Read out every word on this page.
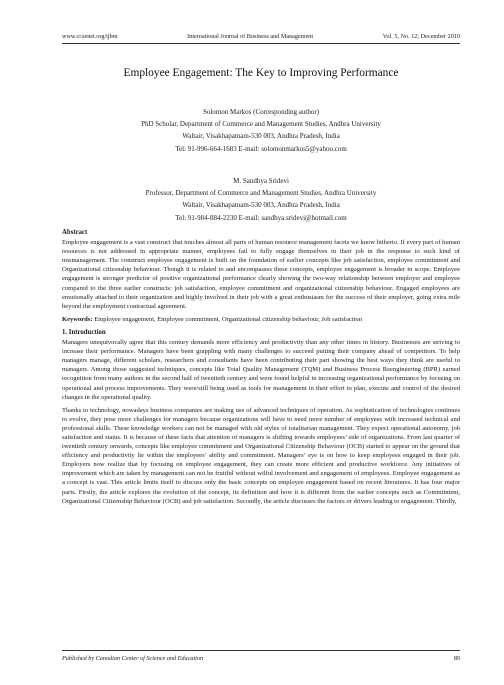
www.ccsenet.org/ijbm	International Journal of Business and Management	Vol. 5, No. 12; December 2010
Employee Engagement: The Key to Improving Performance
Solomon Markos (Corresponding author)
PhD Scholar, Department of Commerce and Management Studies, Andhra University
Waltair, Visakhapatnam-530 003, Andhra Pradesh, India
Tel: 91-996-664-1683 E-mail: solomonmarkos5@yahoo.com
M. Sandhya Sridevi
Professor, Department of Commerce and Management Studies, Andhra University
Waltair, Visakhapatnam-530 003, Andhra Pradesh, India
Tel: 91-984-884-2230 E-mail: sandhya.sridevi@hotmail.com

Abstract

Employee engagement is a vast construct that touches almost all parts of human resource management facets we know hitherto. If every part of human resources is not addressed in appropriate manner, employees fail to fully engage themselves in their job in the response to such kind of mismanagement. The construct employee engagement is built on the foundation of earlier concepts like job satisfaction, employee commitment and Organizational citizenship behaviour. Though it is related to and encompasses these concepts, employee engagement is broader in scope. Employee engagement is stronger predictor of positive organizational performance clearly showing the two-way relationship between employer and employee compared to the three earlier constructs: job satisfaction, employee commitment and organizational citizenship behaviour. Engaged employees are emotionally attached to their organization and highly involved in their job with a great enthusiasm for the success of their employer, going extra mile beyond the employment contractual agreement.

Keywords: Employee engagement, Employee commitment, Organizational citizenship behaviour, Job satisfaction

1. Introduction

Managers unequivocally agree that this century demands more efficiency and productivity than any other times in history. Businesses are striving to increase their performance. Managers have been grappling with many challenges to succeed putting their company ahead of competitors. To help managers manage, different scholars, researchers and consultants have been contributing their part showing the best ways they think are useful to managers. Among those suggested techniques, concepts like Total Quality Management (TQM) and Business Process Reengineering (BPR) earned recognition from many authors in the second half of twentieth century and were found helpful in increasing organizational performance by focusing on operational and process improvements. They were/still being used as tools for management in their effort to plan, execute and control of the desired changes in the operational quality.

Thanks to technology, nowadays business companies are making use of advanced techniques of operation. As sophistication of technologies continues to evolve, they pose more challenges for managers because organizations will have to need more number of employees with increased technical and professional skills. These knowledge workers can not be managed with old styles of totalitarian management. They expect operational autonomy, job satisfaction and status. It is because of these facts that attention of managers is shifting towards employees’ side of organizations. From last quarter of twentieth century onwards, concepts like employee commitment and Organizational Citizenship Behaviour (OCB) started to appear on the ground that efficiency and productivity lie within the employees’ ability and commitment. Managers’ eye is on how to keep employees engaged in their job. Employers now realize that by focusing on employee engagement, they can create more efficient and productive workforce. Any initiatives of improvement which are taken by management can not be fruitful without wilful involvement and engagement of employees. Employee engagement as a concept is vast. This article limits itself to discuss only the basic concepts on employee engagement based on recent literatures. It has four major parts. Firstly, the article explores the evolution of the concept, its definition and how it is different from the earlier concepts such as Commitment, Organizational Citizenship Behaviour (OCB) and job satisfaction. Secondly, the article discusses the factors or drivers leading to engagement. Thirdly,

Published by Canadian Center of Science and Education	89
